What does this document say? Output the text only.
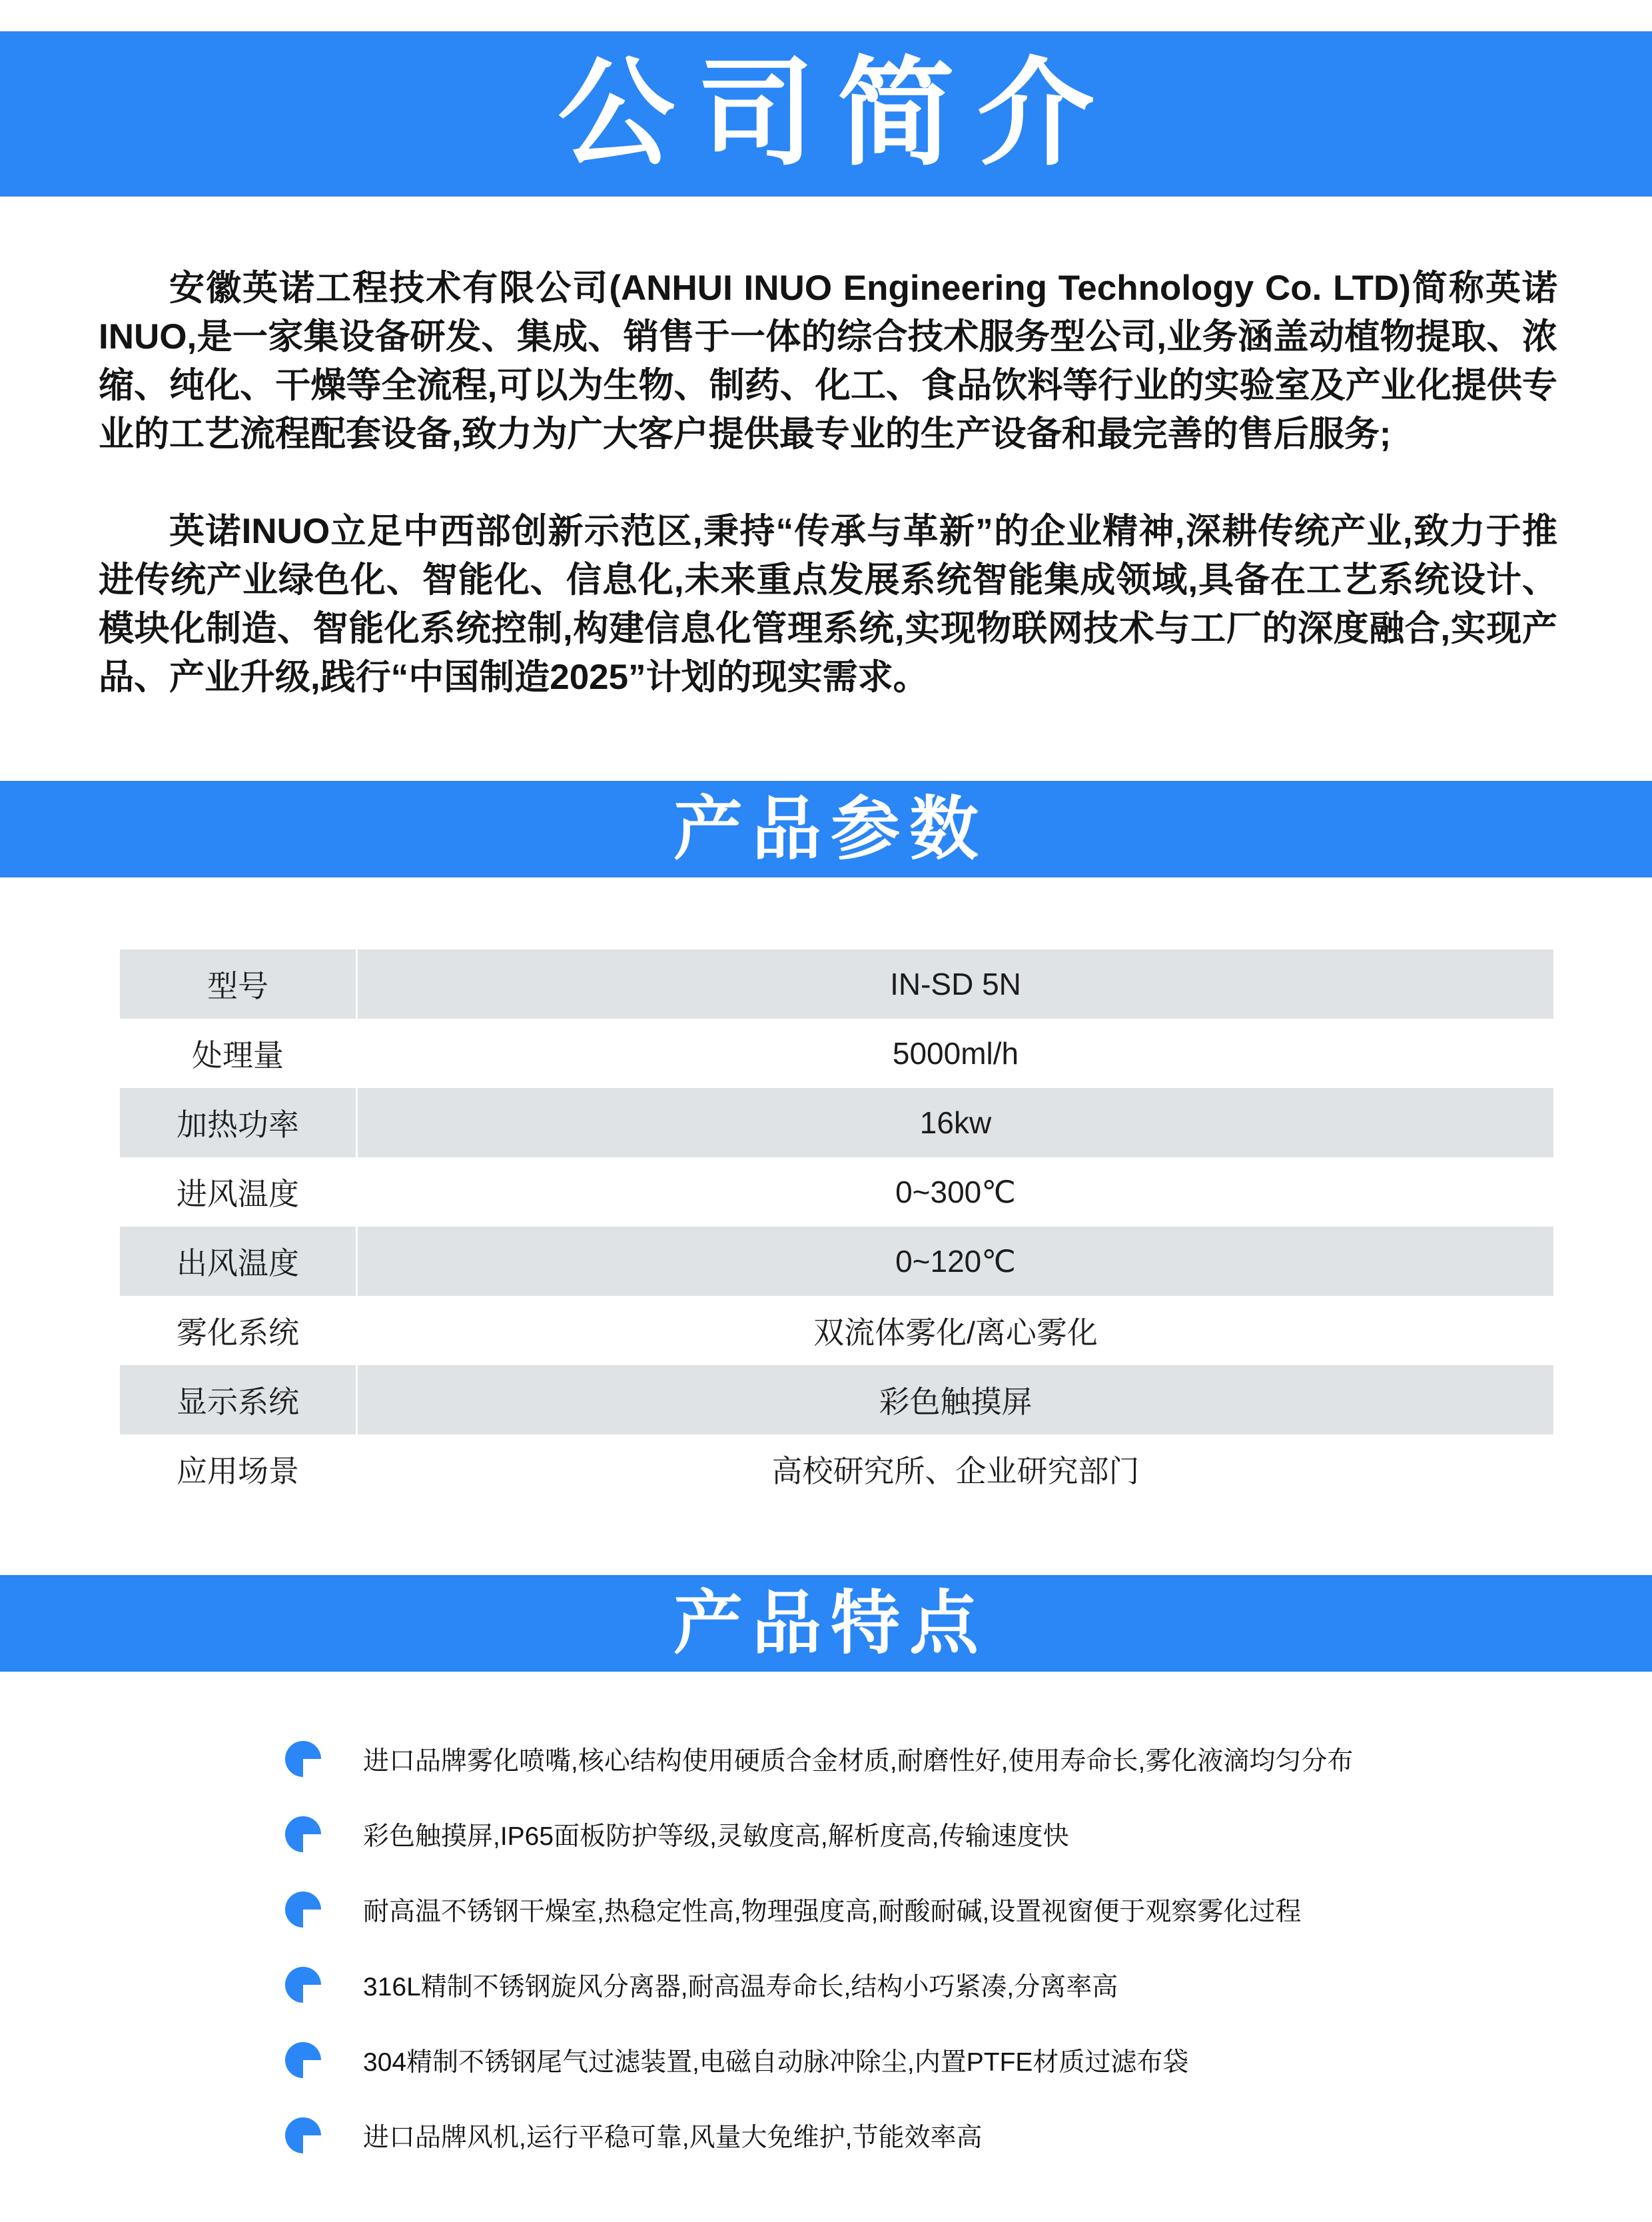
公司简介

安徽英诺工程技术有限公司(ANHUI INUO Engineering Technology Co. LTD)简称英诺INUO,是一家集设备研发、集成、销售于一体的综合技术服务型公司,业务涵盖动植物提取、浓缩、纯化、干燥等全流程,可以为生物、制药、化工、食品饮料等行业的实验室及产业化提供专业的工艺流程配套设备,致力为广大客户提供最专业的生产设备和最完善的售后服务;

英诺INUO立足中西部创新示范区,秉持“传承与革新”的企业精神,深耕传统产业,致力于推进传统产业绿色化、智能化、信息化,未来重点发展系统智能集成领域,具备在工艺系统设计、模块化制造、智能化系统控制,构建信息化管理系统,实现物联网技术与工厂的深度融合,实现产品、产业升级,践行“中国制造2025”计划的现实需求。

产品参数
型号	IN-SD 5N
处理量	5000ml/h
加热功率	16kw
进风温度	0~300℃
出风温度	0~120℃
雾化系统	双流体雾化/离心雾化
显示系统	彩色触摸屏
应用场景	高校研究所、企业研究部门
产品特点
进口品牌雾化喷嘴,核心结构使用硬质合金材质,耐磨性好,使用寿命长,雾化液滴均匀分布
彩色触摸屏,IP65面板防护等级,灵敏度高,解析度高,传输速度快
耐高温不锈钢干燥室,热稳定性高,物理强度高,耐酸耐碱,设置视窗便于观察雾化过程
316L精制不锈钢旋风分离器,耐高温寿命长,结构小巧紧凑,分离率高
304精制不锈钢尾气过滤装置,电磁自动脉冲除尘,内置PTFE材质过滤布袋
进口品牌风机,运行平稳可靠,风量大免维护,节能效率高
